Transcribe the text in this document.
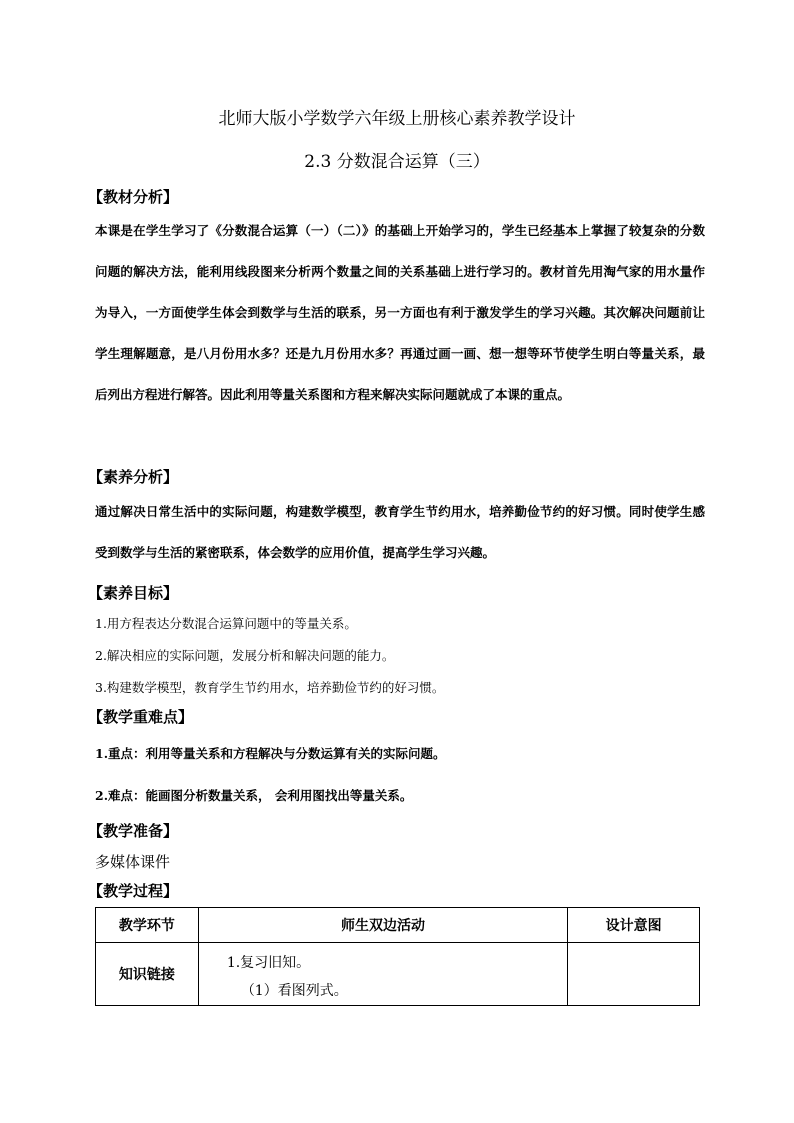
北师大版小学数学六年级上册核心素养教学设计
2.3 分数混合运算（三）
【教材分析】
本课是在学生学习了《分数混合运算（一）（二）》的基础上开始学习的，学生已经基本上掌握了较复杂的分数问题的解决方法，能利用线段图来分析两个数量之间的关系基础上进行学习的。教材首先用淘气家的用水量作为导入，一方面使学生体会到数学与生活的联系，另一方面也有利于激发学生的学习兴趣。其次解决问题前让学生理解题意，是八月份用水多？还是九月份用水多？再通过画一画、想一想等环节使学生明白等量关系，最后列出方程进行解答。因此利用等量关系图和方程来解决实际问题就成了本课的重点。
【素养分析】
通过解决日常生活中的实际问题，构建数学模型，教育学生节约用水，培养勤俭节约的好习惯。同时使学生感受到数学与生活的紧密联系，体会数学的应用价值，提高学生学习兴趣。
【素养目标】
1.用方程表达分数混合运算问题中的等量关系。
2.解决相应的实际问题，发展分析和解决问题的能力。
3.构建数学模型，教育学生节约用水，培养勤俭节约的好习惯。
【教学重难点】
1.重点：利用等量关系和方程解决与分数运算有关的实际问题。
2.难点：能画图分析数量关系， 会利用图找出等量关系。
【教学准备】
多媒体课件
【教学过程】
教学环节	师生双边活动	设计意图
知识链接	1.复习旧知。
（1）看图列式。	
